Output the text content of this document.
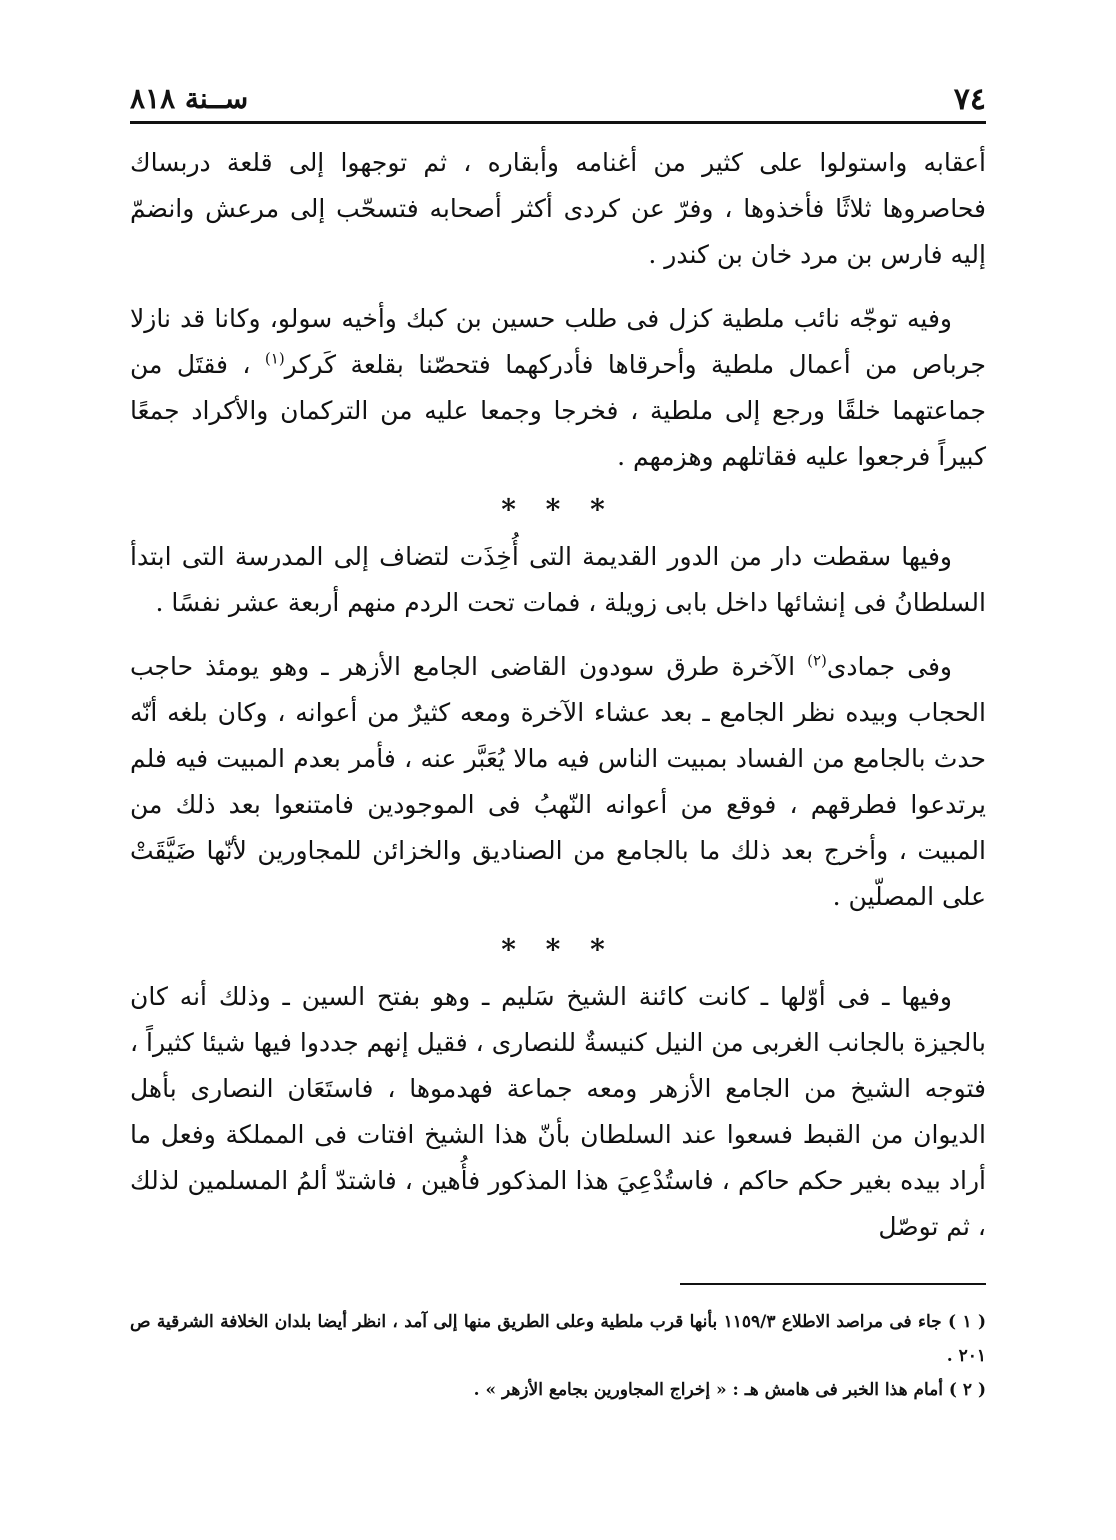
٧٤

ســنة ٨١٨

أعقابه واستولوا على كثير من أغنامه وأبقاره ، ثم توجهوا إلى قلعة دربساك فحاصروها ثلاثًا فأخذوها ، وفرّ عن كردى أكثر أصحابه فتسحّب إلى مرعش وانضمّ إليه فارس بن مرد خان بن كندر .

وفيه توجّه نائب ملطية كزل فى طلب حسين بن كبك وأخيه سولو، وكانا قد نازلا جرباص من أعمال ملطية وأحرقاها فأدركهما فتحصّنا بقلعة كَركر$^{(١)}$ ، فقتَل من جماعتهما خلقًا ورجع إلى ملطية ، فخرجا وجمعا عليه من التركمان والأكراد جمعًا كبيراً فرجعوا عليه فقاتلهم وهزمهم .

* * *

وفيها سقطت دار من الدور القديمة التى أُخِذَت لتضاف إلى المدرسة التى ابتدأ السلطانُ فى إنشائها داخل بابى زويلة ، فمات تحت الردم منهم أربعة عشر نفسًا .

وفى جمادى$^{(٢)}$ الآخرة طرق سودون القاضى الجامع الأزهر ـ وهو يومئذ حاجب الحجاب وبيده نظر الجامع ـ بعد عشاء الآخرة ومعه كثيرٌ من أعوانه ، وكان بلغه أنّه حدث بالجامع من الفساد بمبيت الناس فيه مالا يُعَبَّر عنه ، فأمر بعدم المبيت فيه فلم يرتدعوا فطرقهم ، فوقع من أعوانه النّهبُ فى الموجودين فامتنعوا بعد ذلك من المبيت ، وأخرج بعد ذلك ما بالجامع من الصناديق والخزائن للمجاورين لأنّها ضَيَّقَتْ على المصلّين .

* * *

وفيها ـ فى أوّلها ـ كانت كائنة الشيخ سَليم ـ وهو بفتح السين ـ وذلك أنه كان بالجيزة بالجانب الغربى من النيل كنيسةٌ للنصارى ، فقيل إنهم جددوا فيها شيئا كثيراً ، فتوجه الشيخ من الجامع الأزهر ومعه جماعة فهدموها ، فاستَعَان النصارى بأهل الديوان من القبط فسعوا عند السلطان بأنّ هذا الشيخ افتات فى المملكة وفعل ما أراد بيده بغير حكم حاكم ، فاستُدْعِيَ هذا المذكور فأُهين ، فاشتدّ ألمُ المسلمين لذلك ، ثم توصّل

( ١ ) جاء فى مراصد الاطلاع ١١٥٩/٣ بأنها قرب ملطية وعلى الطريق منها إلى آمد ، انظر أيضا بلدان الخلافة الشرقية ص ٢٠١ .

( ٢ ) أمام هذا الخبر فى هامش هـ : « إخراج المجاورين بجامع الأزهر » .
